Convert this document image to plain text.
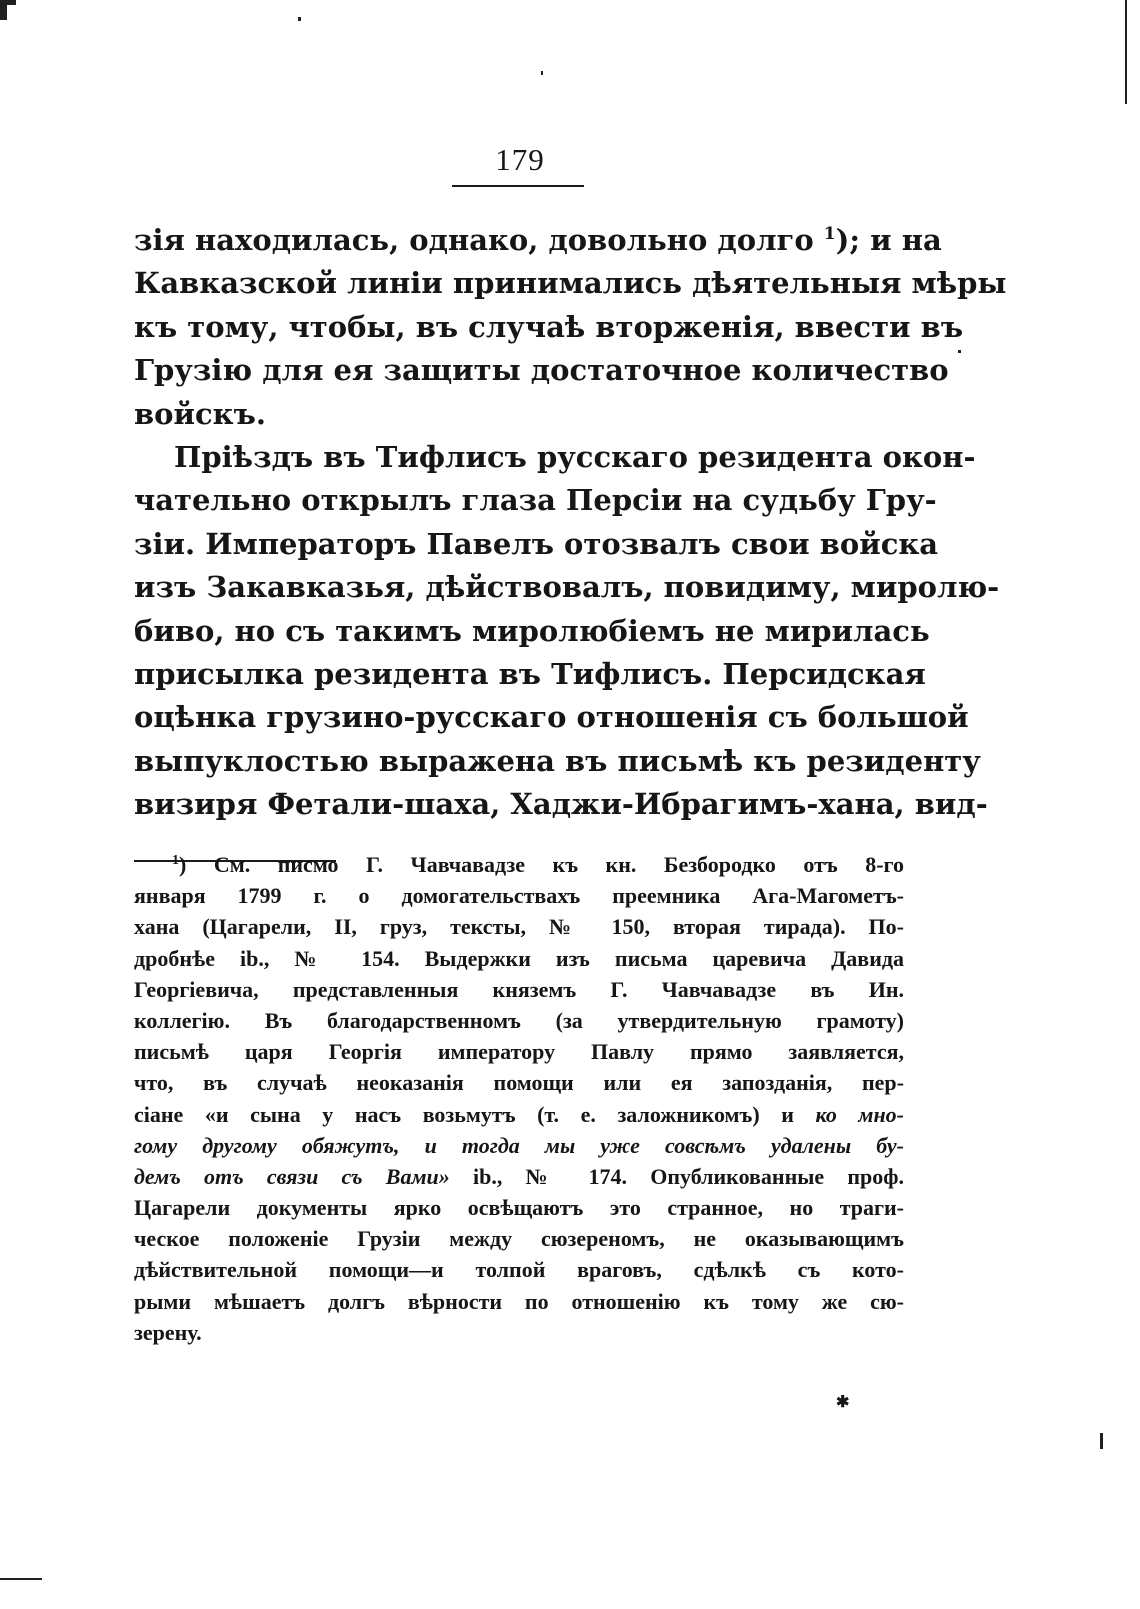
179
зія находилась, однако, довольно долго $^1$); и на
Кавказской линіи принимались дѣятельныя мѣры
къ тому, чтобы, въ случаѣ вторженія, ввести въ
Грузію для ея защиты достаточное количество
войскъ.
Пріѣздъ въ Тифлисъ русскаго резидента окон-
чательно открылъ глаза Персіи на судьбу Гру-
зіи. Императоръ Павелъ отозвалъ свои войска
изъ Закавказья, дѣйствовалъ, повидиму, миролю-
биво, но съ такимъ миролюбіемъ не мирилась
присылка резидента въ Тифлисъ. Персидская
оцѣнка грузино-русскаго отношенія съ большой
выпуклостью выражена въ письмѣ къ резиденту
визиря Фетали-шаха, Хаджи-Ибрагимъ-хана, вид-
$^1$) См. писмо Г. Чавчавадзе къ кн. Безбородко отъ 8-го
января 1799 г. о домогательствахъ преемника Ага-Магометъ-
хана (Цагарели, II, груз, тексты, № 150, вторая тирада). По-
дробнѣе ib., № 154. Выдержки изъ письма царевича Давида
Георгіевича, представленныя княземъ Г. Чавчавадзе въ Ин.
коллегію. Въ благодарственномъ (за утвердительную грамоту)
письмѣ царя Георгія императору Павлу прямо заявляется,
что, въ случаѣ неоказанія помощи или ея запозданія, пер-
сіане «и сына у насъ возьмутъ (т. е. заложникомъ) и ко мно-
гому другому обяжутъ, и тогда мы уже совсѣмъ удалены бу-
демъ отъ связи съ Вами» ib., № 174. Опубликованные проф.
Цагарели документы ярко освѣщаютъ это странное, но траги-
ческое положеніе Грузіи между сюзереномъ, не оказывающимъ
дѣйствительной помощи—и толпой враговъ, сдѣлкѣ съ кото-
рыми мѣшаетъ долгъ вѣрности по отношенію къ тому же сю-
зерену.
✱
